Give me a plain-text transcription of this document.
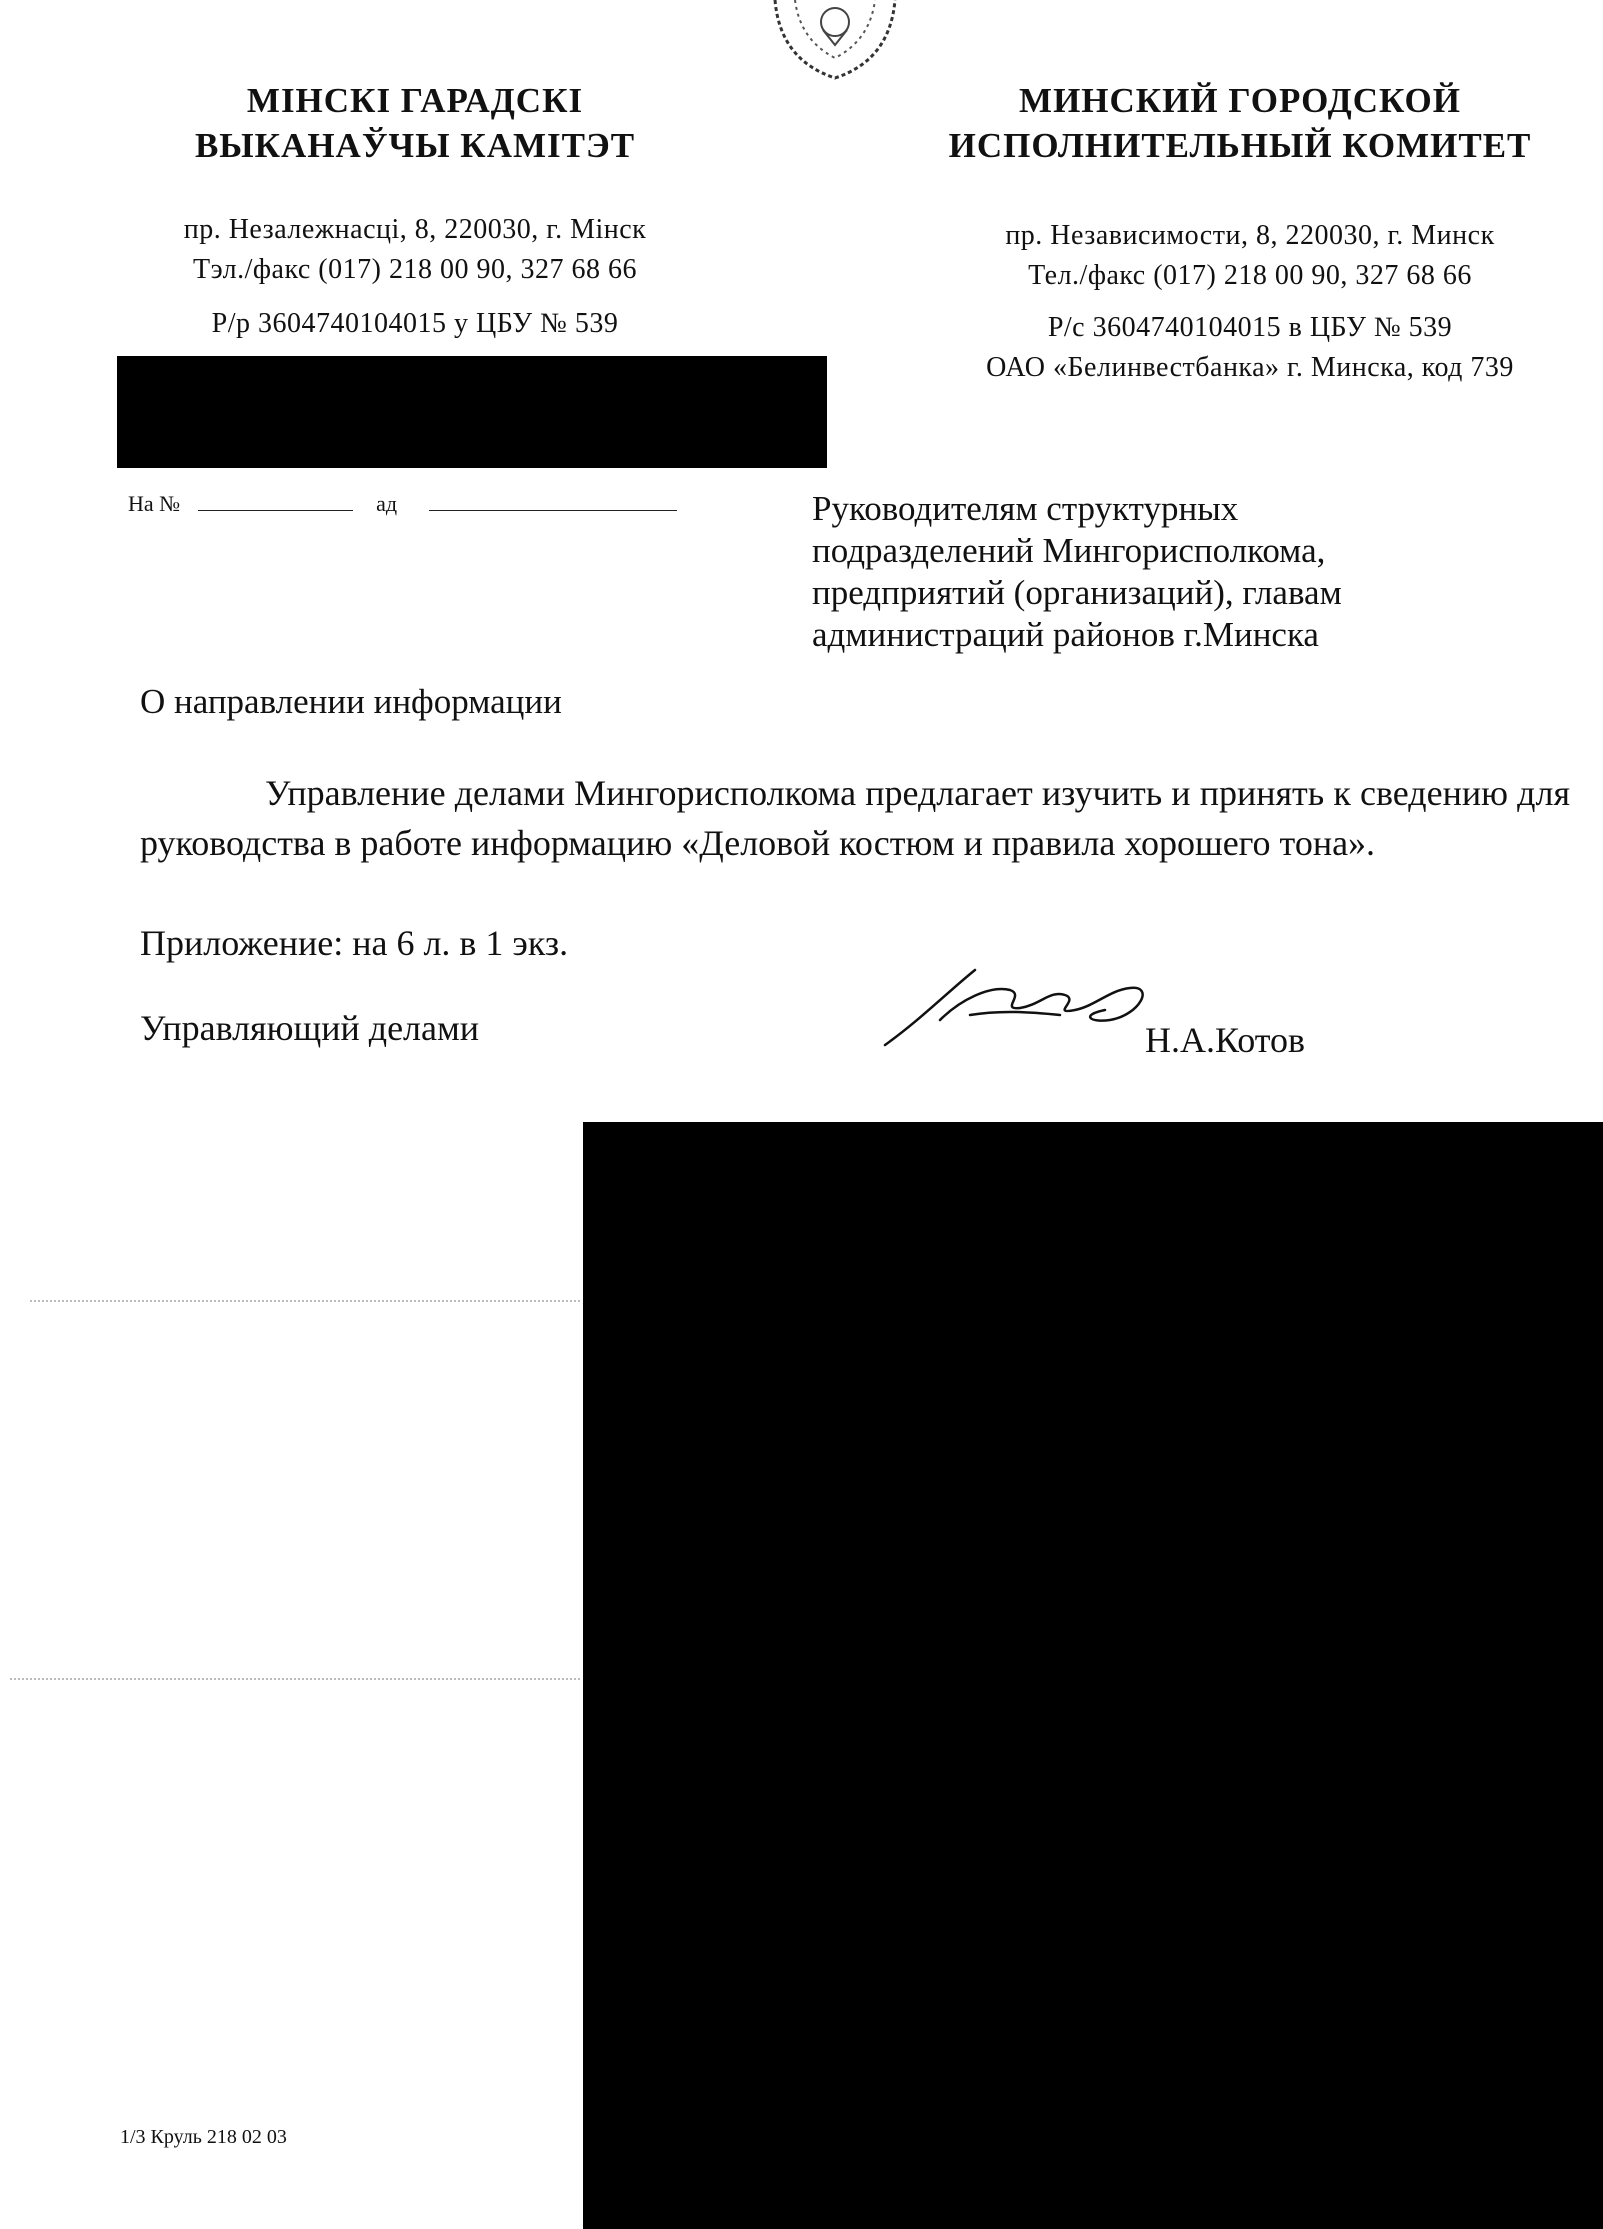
МІНСКІ ГАРАДСКІ
ВЫКАНАЎЧЫ КАМІТЭТ
пр. Незалежнасці, 8, 220030, г. Мінск
Тэл./факс (017) 218 00 90, 327 68 66
Р/р 3604740104015 у ЦБУ № 539
МИНСКИЙ ГОРОДСКОЙ
ИСПОЛНИТЕЛЬНЫЙ КОМИТЕТ
пр. Независимости, 8, 220030, г. Минск
Тел./факс (017) 218 00 90, 327 68 66
Р/с 3604740104015 в ЦБУ № 539
ОАО «Белинвестбанка» г. Минска, код 739
На №	ад	Руководителям структурных
подразделений Мингорисполкома,
предприятий (организаций), главам
администраций районов г.Минска
О направлении информации
Управление делами Мингорисполкома предлагает изучить и принять к сведению для руководства в работе информацию «Деловой костюм и правила хорошего тона».
Приложение: на 6 л. в 1 экз.
Управляющий делами	Н.А.Котов
1/3 Круль 218 02 03
